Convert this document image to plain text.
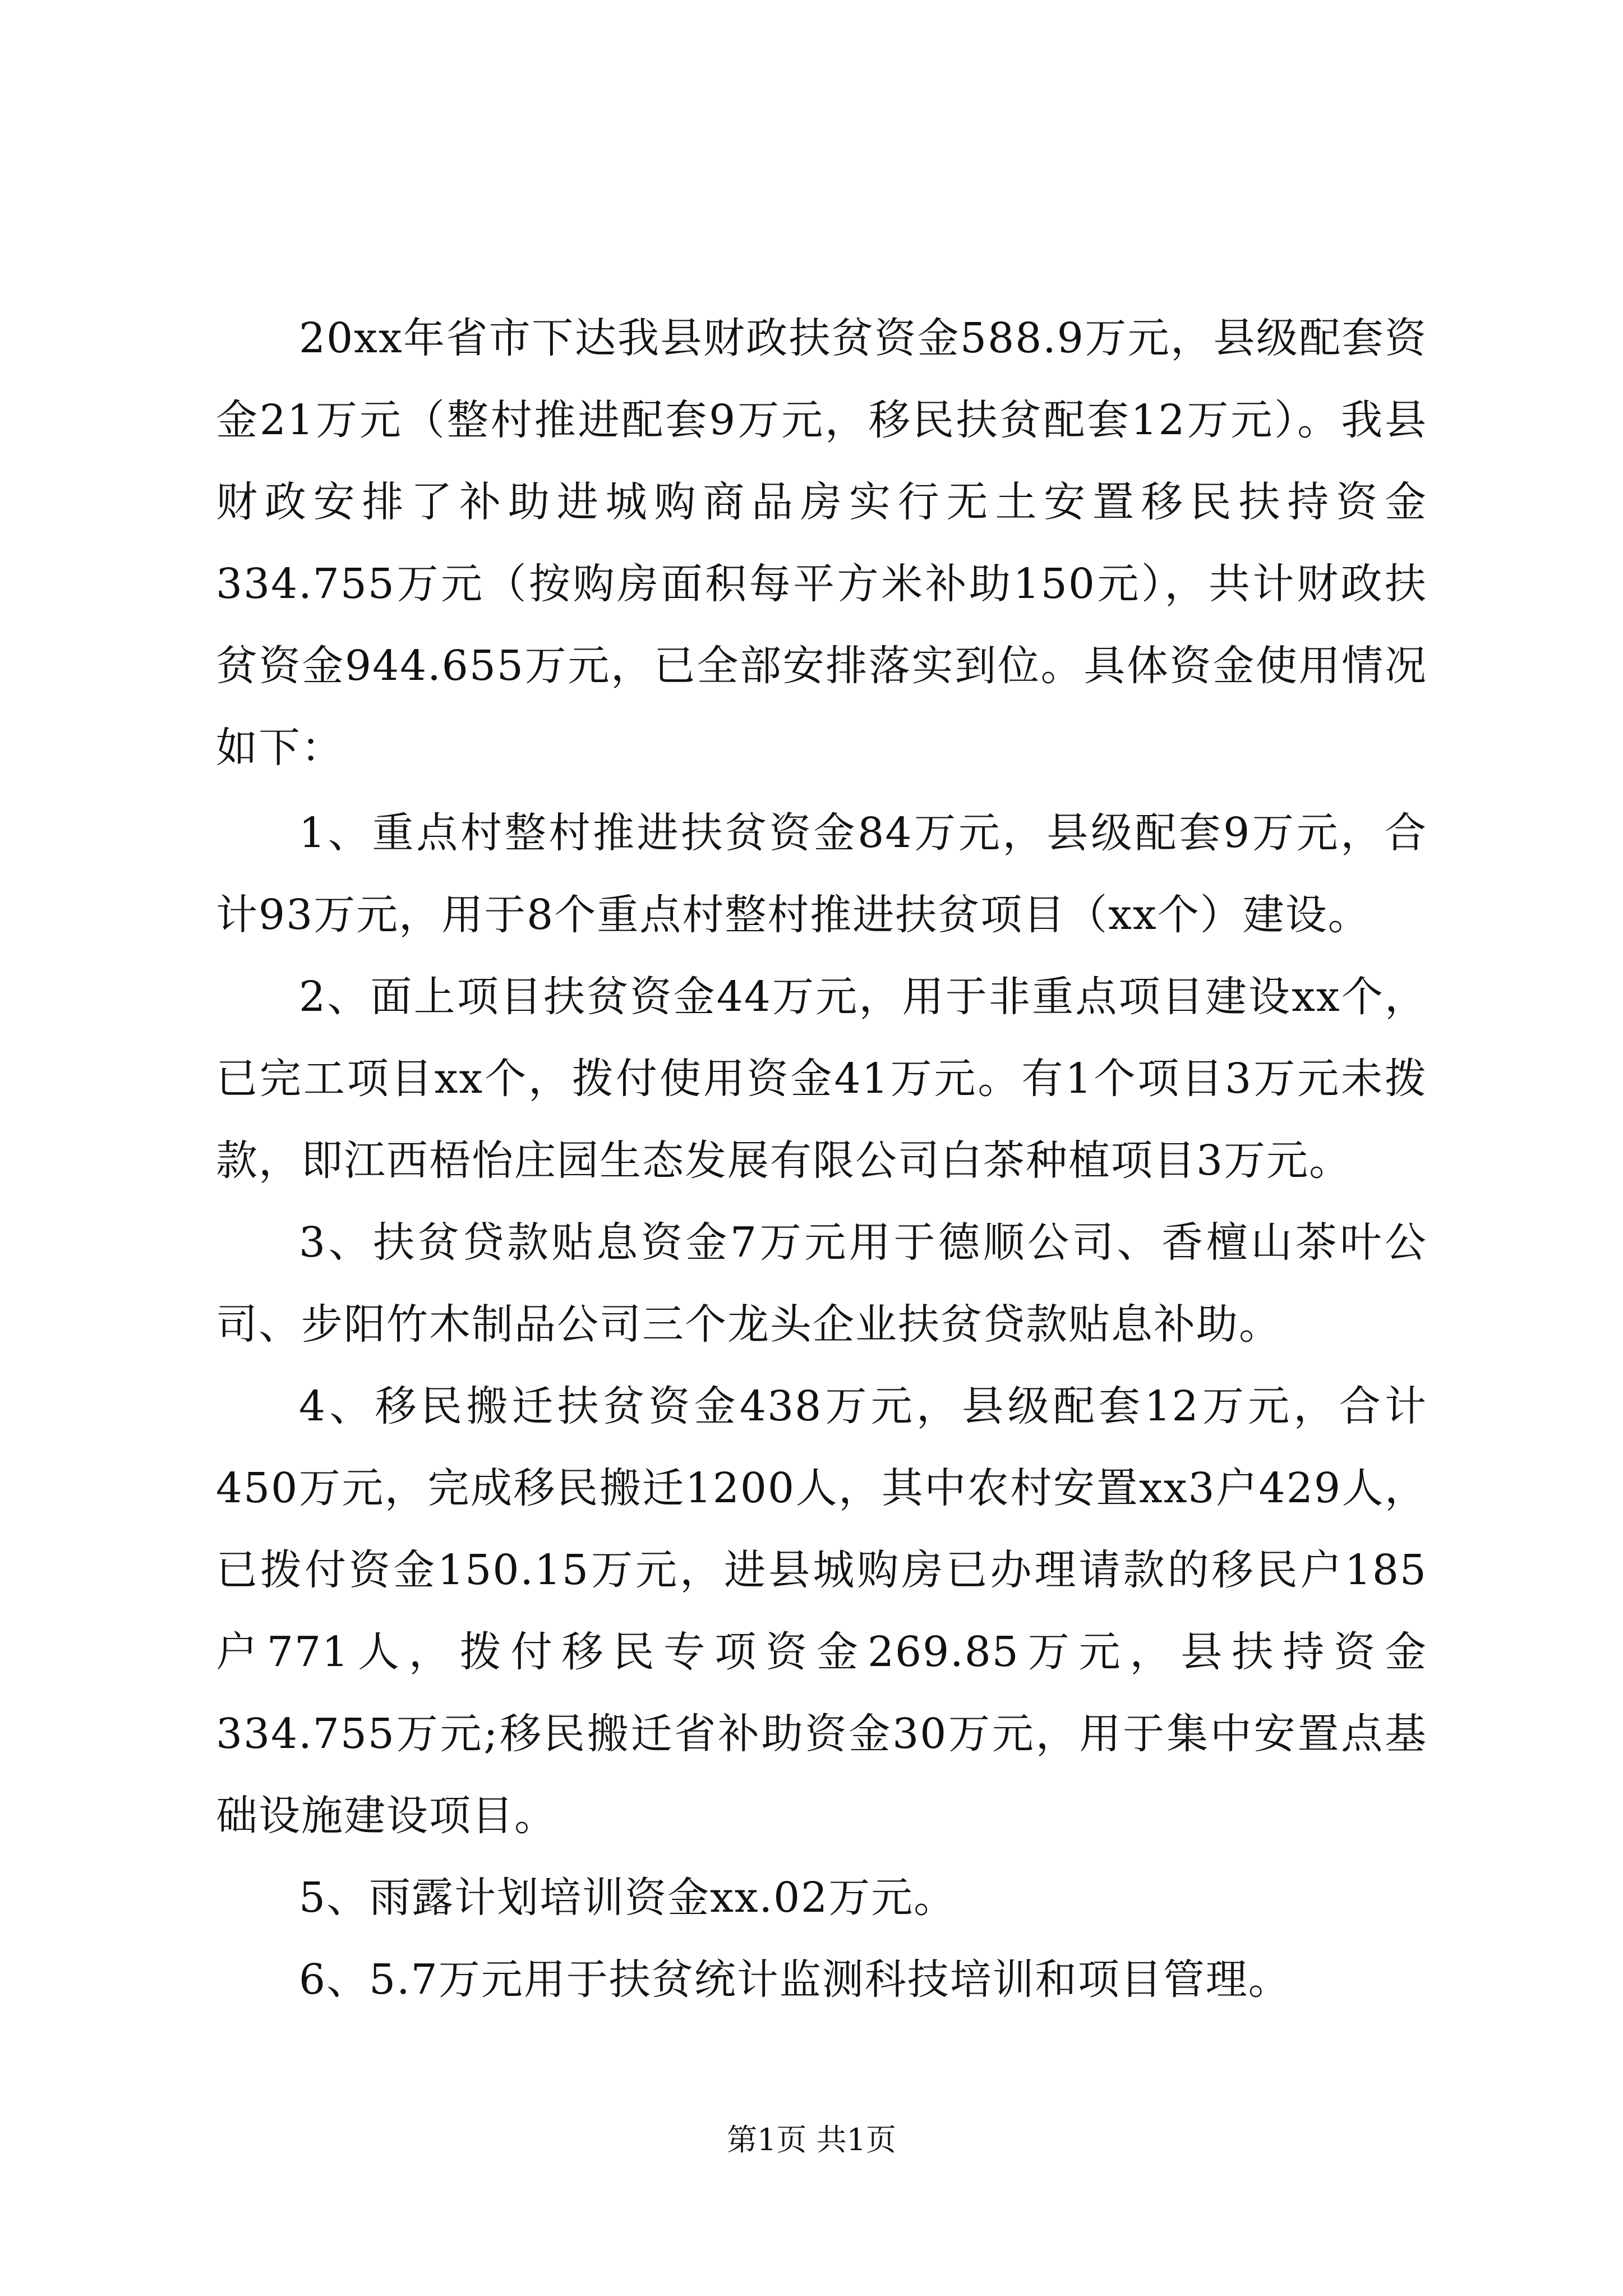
20xx年省市下达我县财政扶贫资金588.9万元，县级配套资金21万元（整村推进配套9万元，移民扶贫配套12万元）。我县财政安排了补助进城购商品房实行无土安置移民扶持资金334.755万元（按购房面积每平方米补助150元），共计财政扶贫资金944.655万元，已全部安排落实到位。具体资金使用情况如下：

1、重点村整村推进扶贫资金84万元，县级配套9万元，合计93万元，用于8个重点村整村推进扶贫项目（xx个）建设。

2、面上项目扶贫资金44万元，用于非重点项目建设xx个，已完工项目xx个，拨付使用资金41万元。有1个项目3万元未拨款，即江西梧怡庄园生态发展有限公司白茶种植项目3万元。

3、扶贫贷款贴息资金7万元用于德顺公司、香檀山茶叶公司、步阳竹木制品公司三个龙头企业扶贫贷款贴息补助。

4、移民搬迁扶贫资金438万元，县级配套12万元，合计450万元，完成移民搬迁1200人，其中农村安置xx3户429人，已拨付资金150.15万元，进县城购房已办理请款的移民户185户771人，拨付移民专项资金269.85万元，县扶持资金334.755万元;移民搬迁省补助资金30万元，用于集中安置点基础设施建设项目。

5、雨露计划培训资金xx.02万元。

6、5.7万元用于扶贫统计监测科技培训和项目管理。

第1页 共1页
